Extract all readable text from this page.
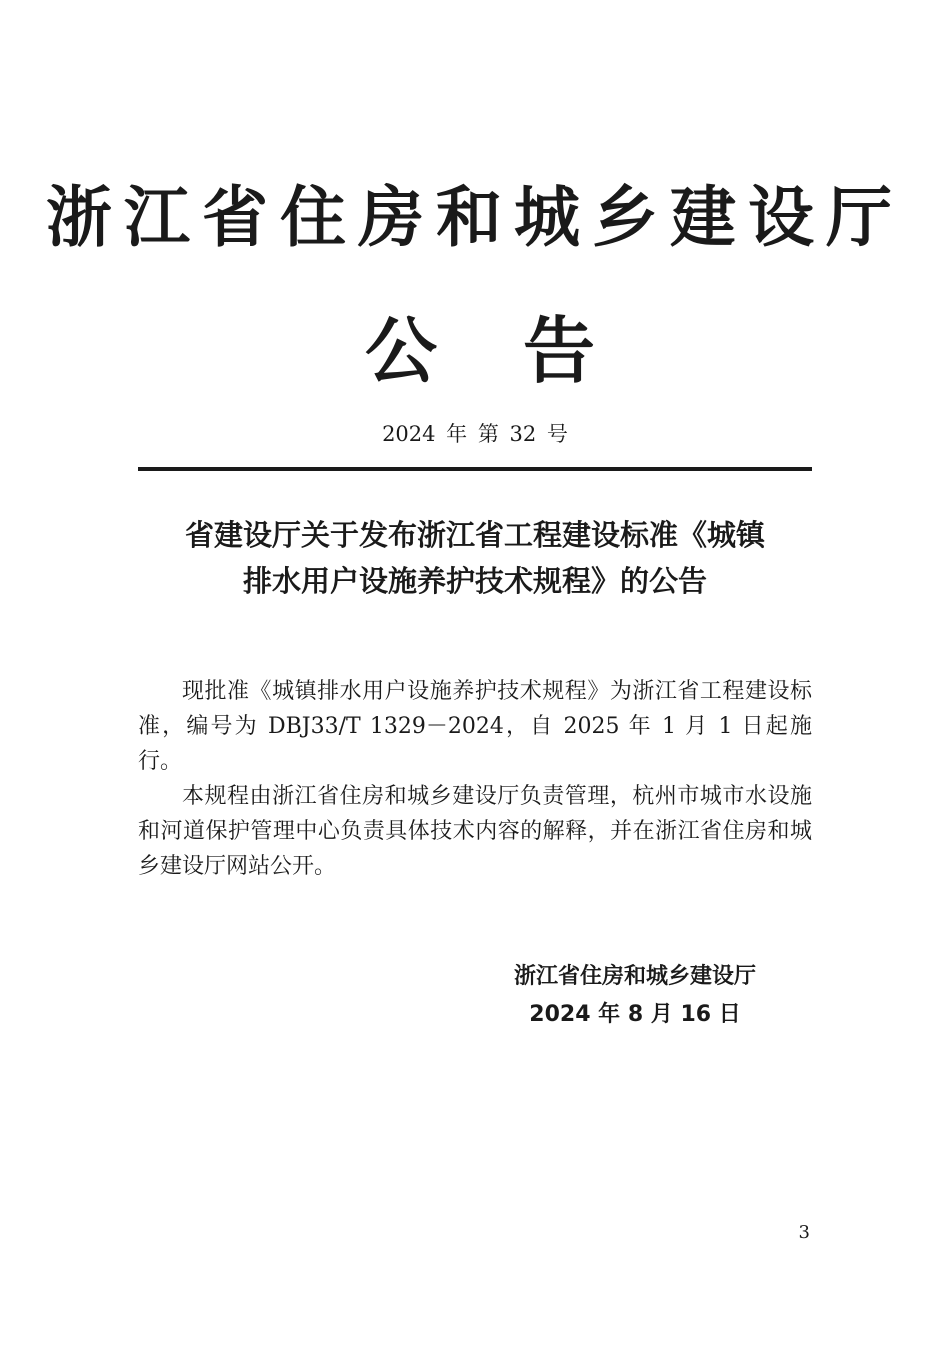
浙江省住房和城乡建设厅
公 告
2024 年 第 32 号
省建设厅关于发布浙江省工程建设标准《城镇
排水用户设施养护技术规程》的公告

现批准《城镇排水用户设施养护技术规程》为浙江省工程建设标准，编号为 DBJ33/T 1329－2024，自 2025 年 1 月 1 日起施行。

本规程由浙江省住房和城乡建设厅负责管理，杭州市城市水设施和河道保护管理中心负责具体技术内容的解释，并在浙江省住房和城乡建设厅网站公开。

浙江省住房和城乡建设厅
2024 年 8 月 16 日
3
